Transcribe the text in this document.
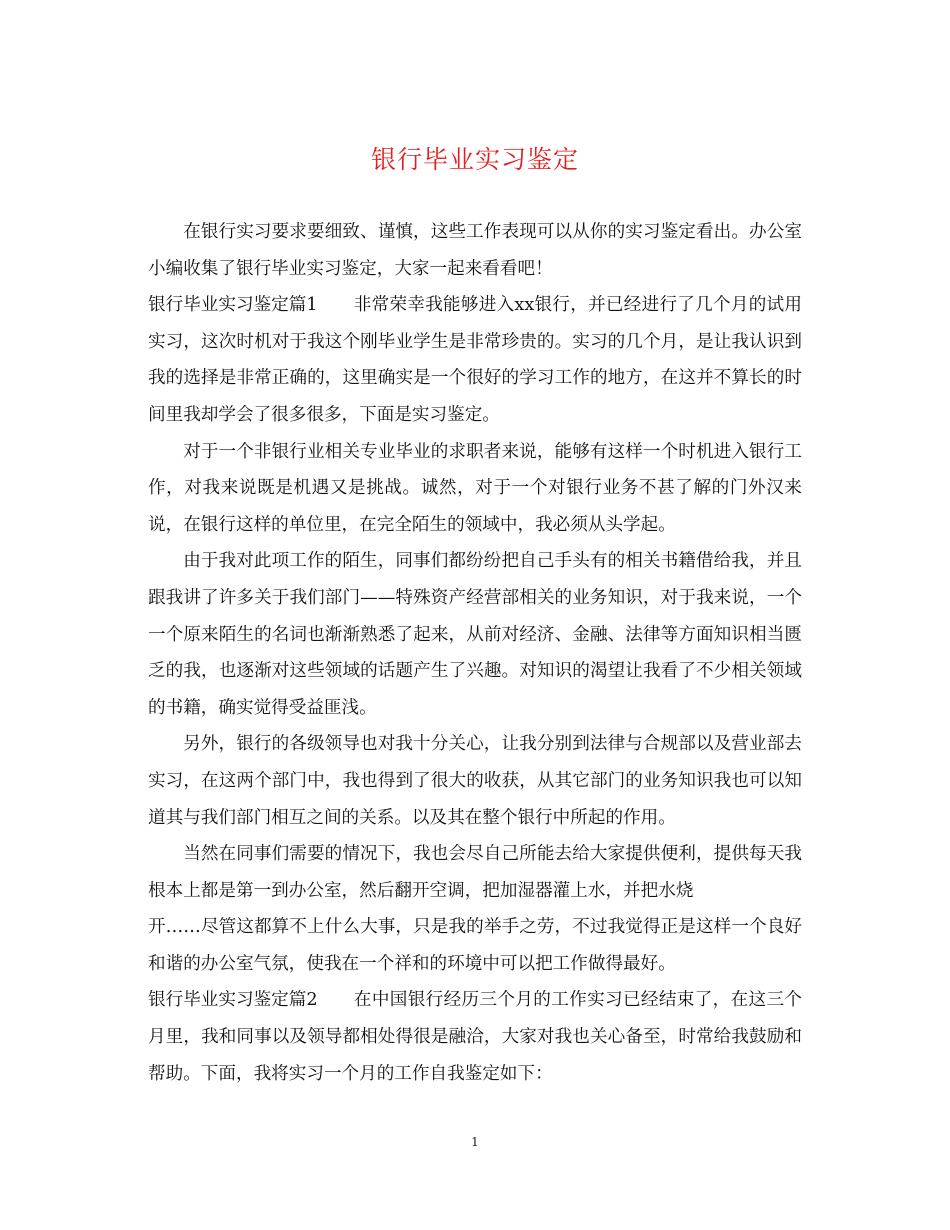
银行毕业实习鉴定

在银行实习要求要细致、谨慎，这些工作表现可以从你的实习鉴定看出。办公室小编收集了银行毕业实习鉴定，大家一起来看看吧！

银行毕业实习鉴定篇1 非常荣幸我能够进入xx银行，并已经进行了几个月的试用实习，这次时机对于我这个刚毕业学生是非常珍贵的。实习的几个月，是让我认识到我的选择是非常正确的，这里确实是一个很好的学习工作的地方，在这并不算长的时间里我却学会了很多很多，下面是实习鉴定。

对于一个非银行业相关专业毕业的求职者来说，能够有这样一个时机进入银行工作，对我来说既是机遇又是挑战。诚然，对于一个对银行业务不甚了解的门外汉来说，在银行这样的单位里，在完全陌生的领域中，我必须从头学起。

由于我对此项工作的陌生，同事们都纷纷把自己手头有的相关书籍借给我，并且跟我讲了许多关于我们部门——特殊资产经营部相关的业务知识，对于我来说，一个一个原来陌生的名词也渐渐熟悉了起来，从前对经济、金融、法律等方面知识相当匮乏的我，也逐渐对这些领域的话题产生了兴趣。对知识的渴望让我看了不少相关领域的书籍，确实觉得受益匪浅。

另外，银行的各级领导也对我十分关心，让我分别到法律与合规部以及营业部去实习，在这两个部门中，我也得到了很大的收获，从其它部门的业务知识我也可以知道其与我们部门相互之间的关系。以及其在整个银行中所起的作用。

当然在同事们需要的情况下，我也会尽自己所能去给大家提供便利，提供每天我根本上都是第一到办公室，然后翻开空调，把加湿器灌上水，并把水烧

开……尽管这都算不上什么大事，只是我的举手之劳，不过我觉得正是这样一个良好和谐的办公室气氛，使我在一个祥和的环境中可以把工作做得最好。

银行毕业实习鉴定篇2 在中国银行经历三个月的工作实习已经结束了，在这三个月里，我和同事以及领导都相处得很是融洽，大家对我也关心备至，时常给我鼓励和帮助。下面，我将实习一个月的工作自我鉴定如下：

1
